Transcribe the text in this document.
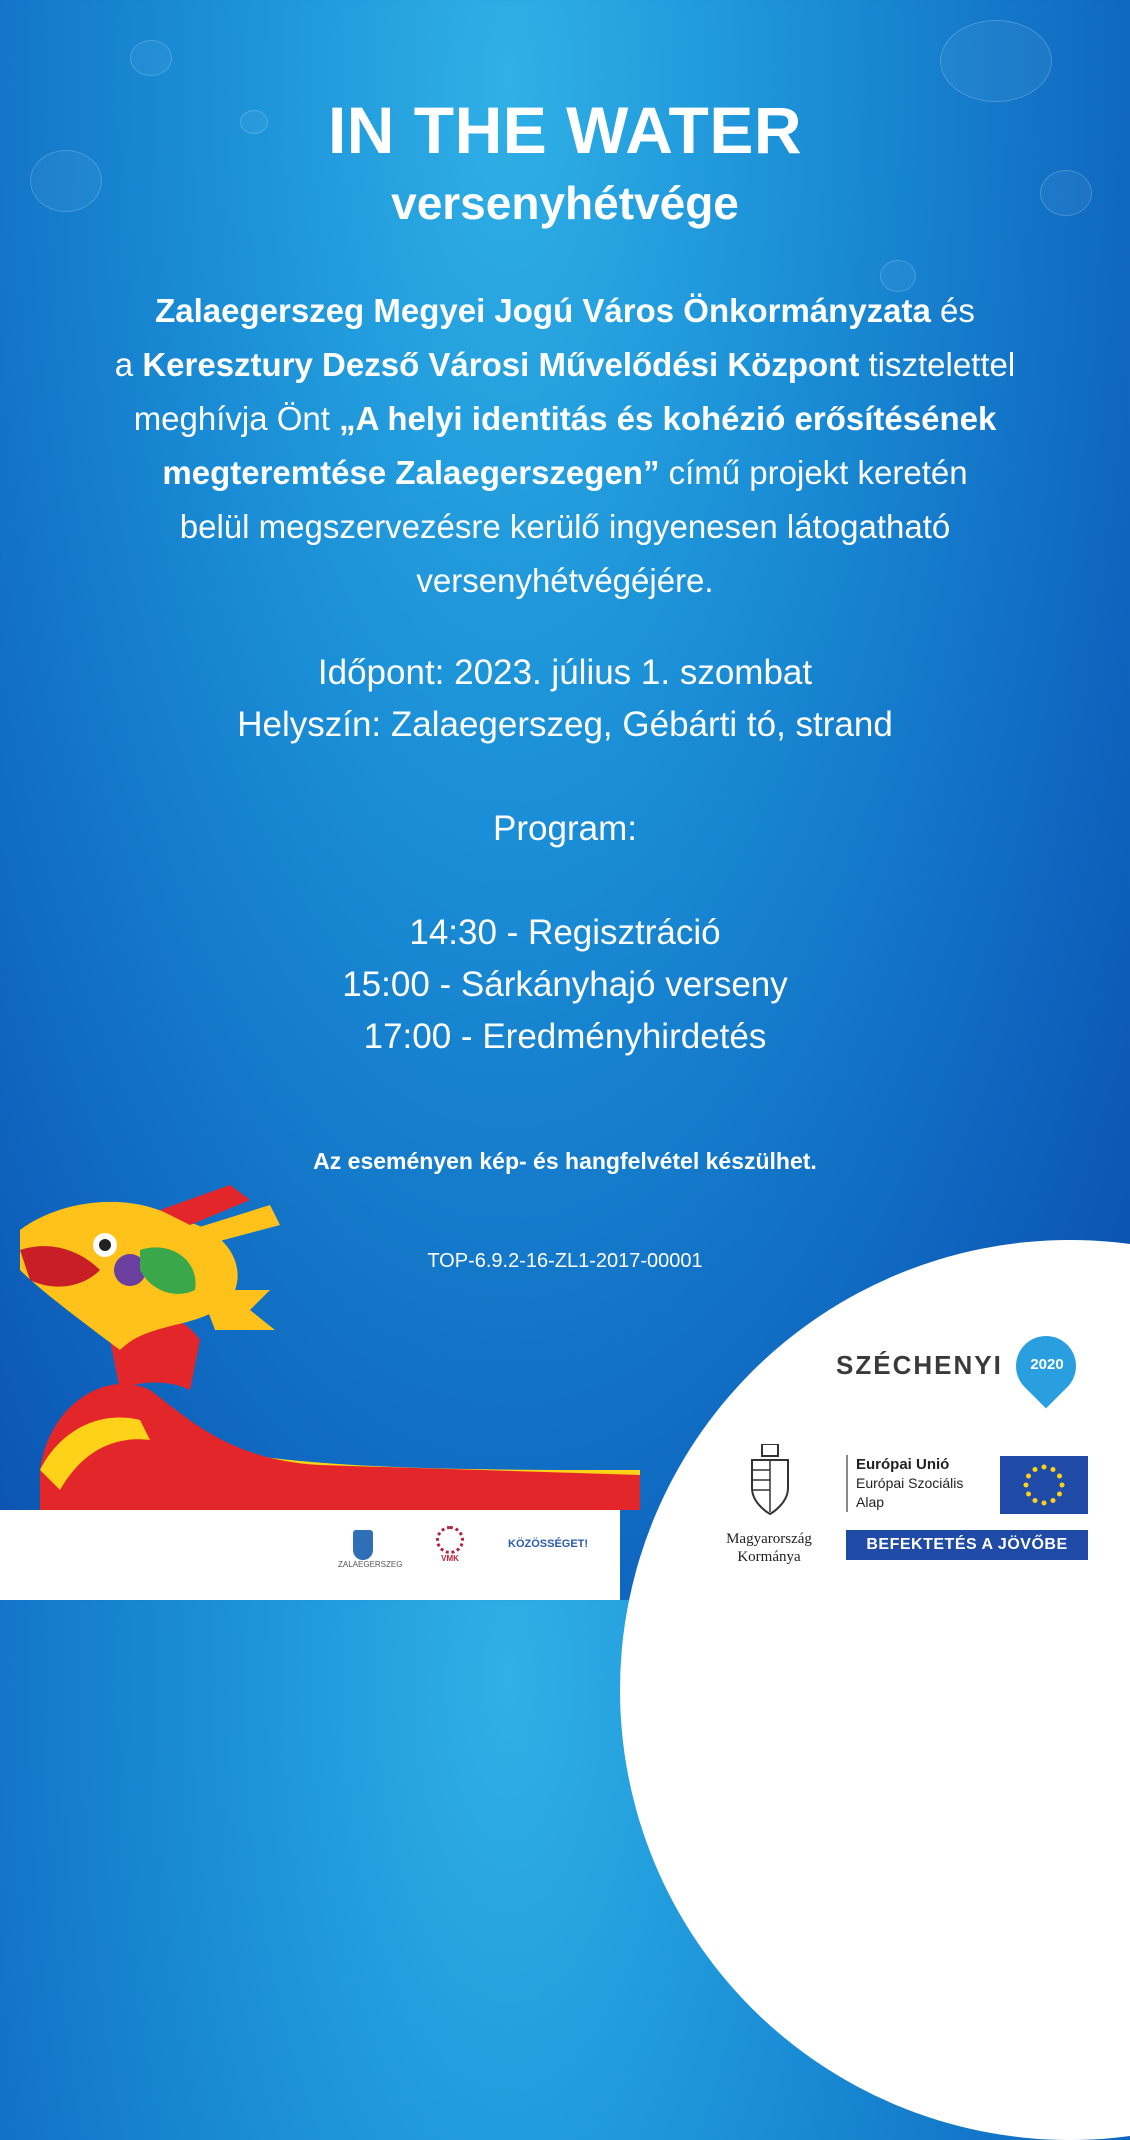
IN THE WATER
versenyhétvége
Zalaegerszeg Megyei Jogú Város Önkormányzata és
a Keresztury Dezső Városi Művelődési Központ tisztelettel
meghívja Önt „A helyi identitás és kohézió erősítésének
megteremtése Zalaegerszegen” című projekt keretén
belül megszervezésre kerülő ingyenesen látogatható
versenyhétvégéjére.
Időpont: 2023. július 1. szombat
Helyszín: Zalaegerszeg, Gébárti tó, strand
Program:
14:30 - Regisztráció
15:00 - Sárkányhajó verseny
17:00 - Eredményhirdetés
Az eseményen kép- és hangfelvétel készülhet.
TOP-6.9.2-16-ZL1-2017-00001
ZALAEGERSZEG
VMK
KÖZÖSSÉGET!
SZÉCHENYI	2020
Magyarország
Kormánya
Európai Unió
Európai Szociális
Alap
BEFEKTETÉS A JÖVŐBE
